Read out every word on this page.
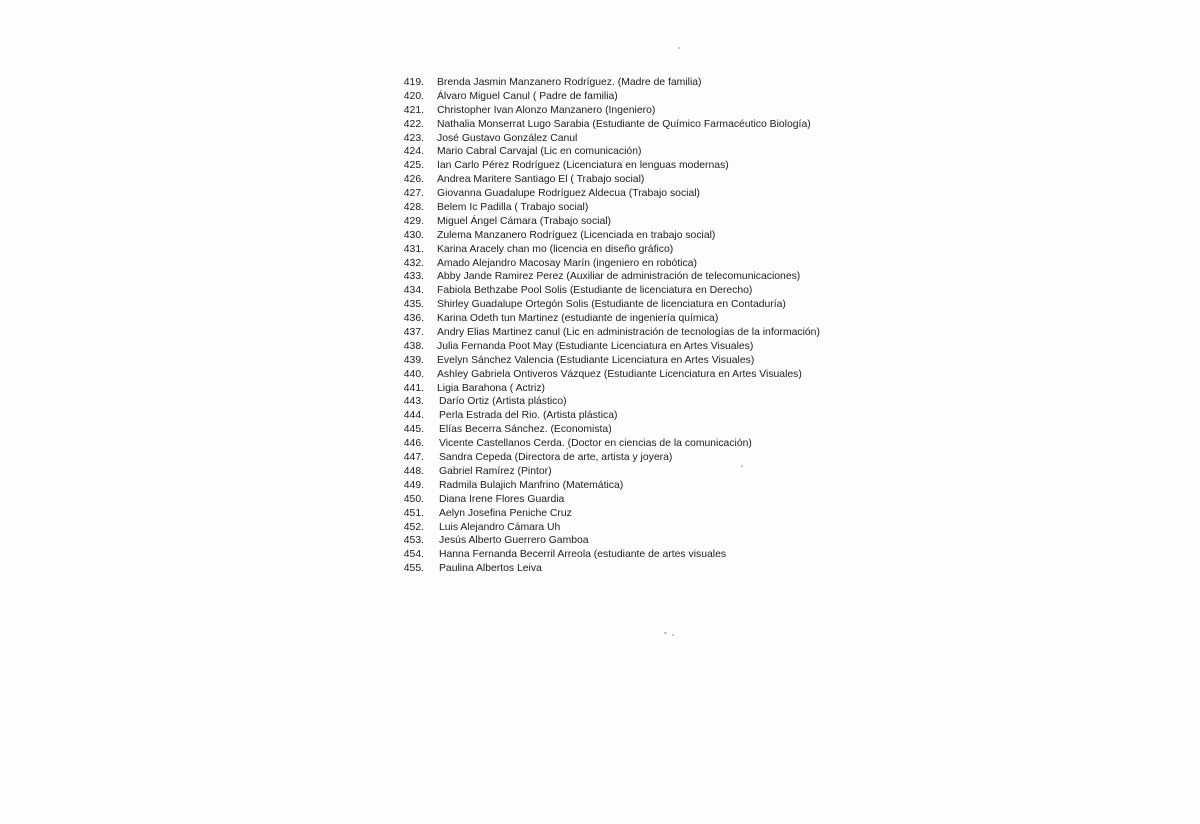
419.	Brenda Jasmin Manzanero Rodríguez. (Madre de familia)
420.	Álvaro Miguel Canul ( Padre de familia)
421.	Christopher Ivan Alonzo Manzanero (Ingeniero)
422.	Nathalia Monserrat Lugo Sarabia (Estudiante de Químico Farmacéutico Biología)
423.	José Gustavo González Canul
424.	Mario Cabral Carvajal (Lic en comunicación)
425.	Ian Carlo Pérez Rodríguez (Licenciatura en lenguas modernas)
426.	Andrea Maritere Santiago El ( Trabajo social)
427.	Giovanna Guadalupe Rodríguez Aldecua (Trabajo social)
428.	Belem Ic Padilla ( Trabajo social)
429.	Miguel Ángel Cámara (Trabajo social)
430.	Zulema Manzanero Rodríguez (Licenciada en trabajo social)
431.	Karina Aracely chan mo (licencia en diseño gráfico)
432.	Amado Alejandro Macosay Marín (ingeniero en robótica)
433.	Abby Jande Ramirez Perez (Auxiliar de administración de telecomunicaciones)
434.	Fabiola Bethzabe Pool Solis (Estudiante de licenciatura en Derecho)
435.	Shirley Guadalupe Ortegón Solis (Estudiante de licenciatura en Contaduría)
436.	Karina Odeth tun Martinez (estudiante de ingeniería química)
437.	Andry Elias Martinez canul (Lic en administración de tecnologías de la información)
438.	Julia Fernanda Poot May (Estudiante Licenciatura en Artes Visuales)
439.	Evelyn Sánchez Valencia (Estudiante Licenciatura en Artes Visuales)
440.	Ashley Gabriela Ontiveros Vázquez (Estudiante Licenciatura en Artes Visuales)
441.	Ligia Barahona ( Actriz)
443.	Darío Ortiz (Artista plástico)
444.	Perla Estrada del Rio. (Artista plástica)
445.	Elías Becerra Sánchez. (Economista)
446.	Vicente Castellanos Cerda. (Doctor en ciencias de la comunicación)
447.	Sandra Cepeda (Directora de arte, artista y joyera)
448.	Gabriel Ramírez (Pintor)
449.	Radmila Bulajich Manfrino (Matemática)
450.	Diana Irene Flores Guardia
451.	Aelyn Josefina Peniche Cruz
452.	Luis Alejandro Cámara Uh
453.	Jesús Alberto Guerrero Gamboa
454.	Hanna Fernanda Becerril Arreola (estudiante de artes visuales
455.	Paulina Albertos Leiva
